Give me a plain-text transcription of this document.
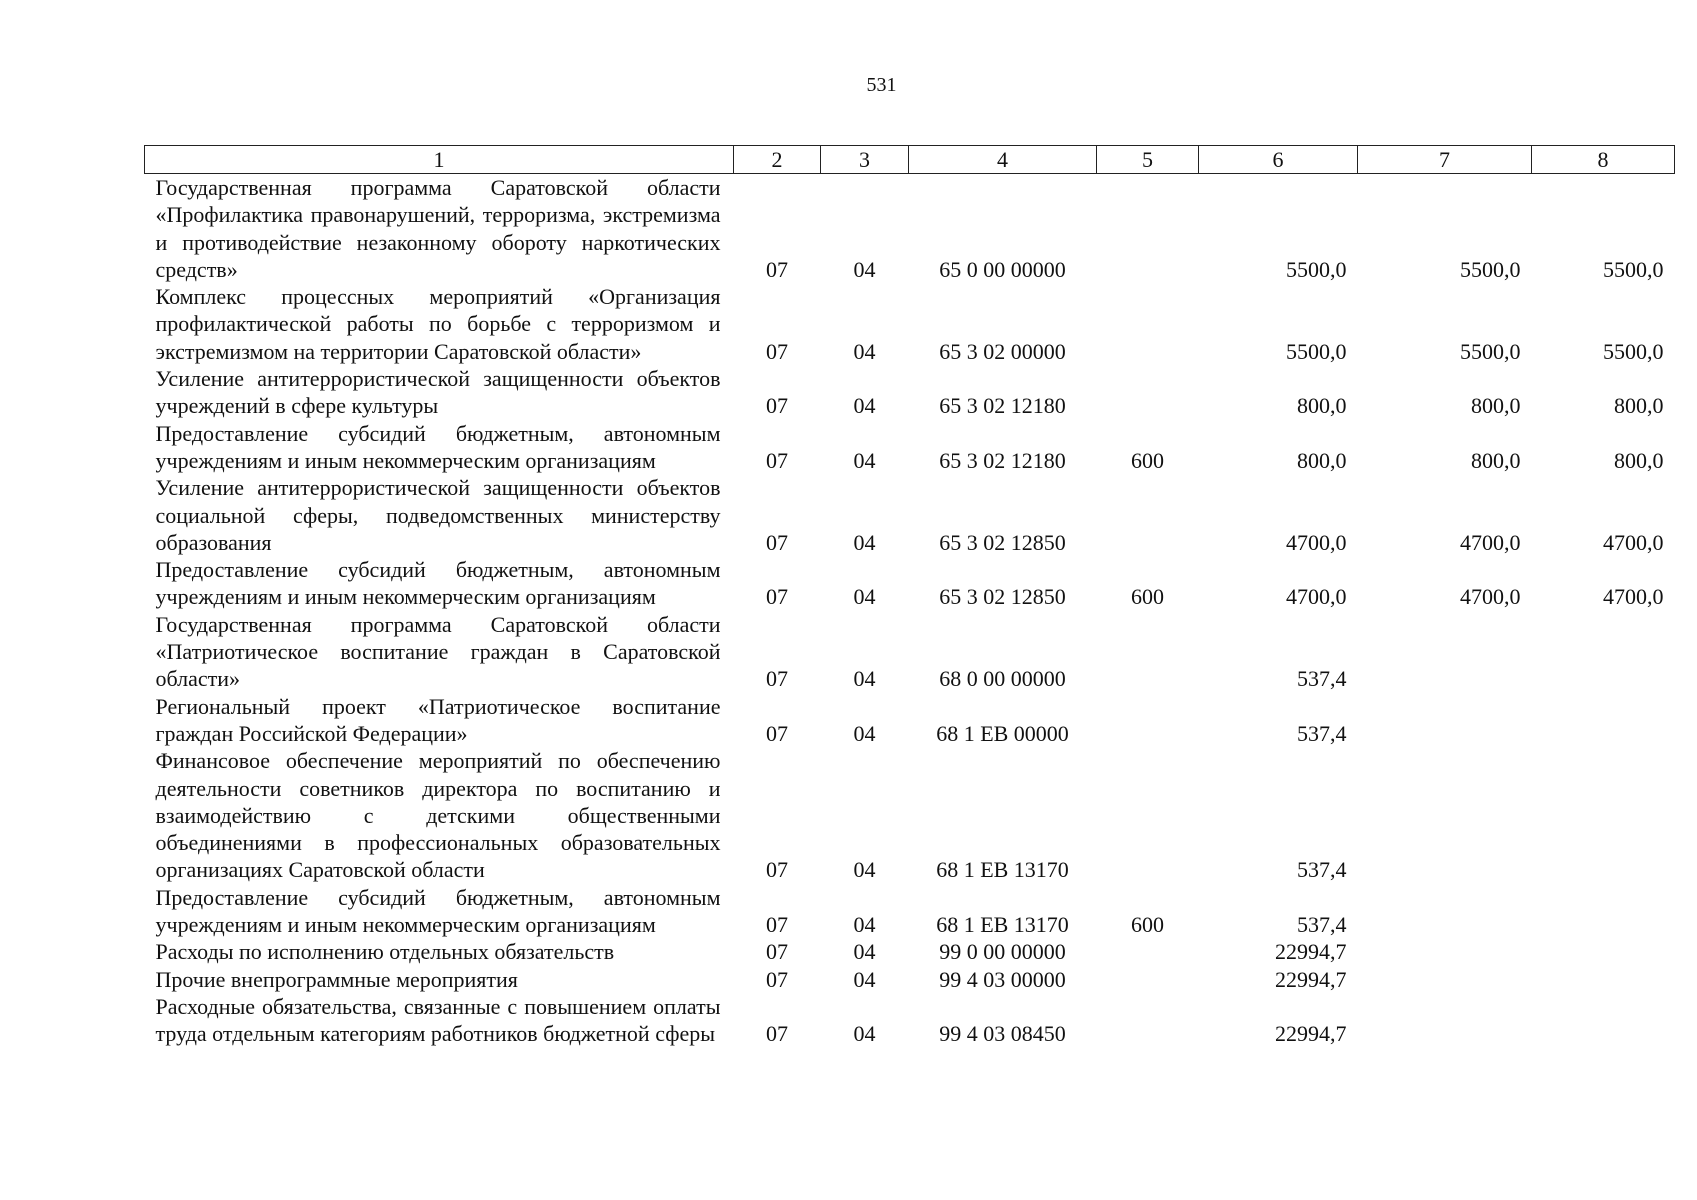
531
1	2	3	4	5	6	7	8
Государственная программа Саратовской области «Профилактика правонарушений, терроризма, экстремизма и противодействие незаконному обороту наркотических средств»	07	04	65 0 00 00000		5500,0	5500,0	5500,0
Комплекс процессных мероприятий «Организация профилактической работы по борьбе с терроризмом и экстремизмом на территории Саратовской области»	07	04	65 3 02 00000		5500,0	5500,0	5500,0
Усиление антитеррористической защищенности объектов учреждений в сфере культуры	07	04	65 3 02 12180		800,0	800,0	800,0
Предоставление субсидий бюджетным, автономным учреждениям и иным некоммерческим организациям	07	04	65 3 02 12180	600	800,0	800,0	800,0
Усиление антитеррористической защищенности объектов социальной сферы, подведомственных министерству образования	07	04	65 3 02 12850		4700,0	4700,0	4700,0
Предоставление субсидий бюджетным, автономным учреждениям и иным некоммерческим организациям	07	04	65 3 02 12850	600	4700,0	4700,0	4700,0
Государственная программа Саратовской области «Патриотическое воспитание граждан в Саратовской области»	07	04	68 0 00 00000		537,4		
Региональный проект «Патриотическое воспитание граждан Российской Федерации»	07	04	68 1 ЕВ 00000		537,4		
Финансовое обеспечение мероприятий по обеспечению деятельности советников директора по воспитанию и взаимодействию с детскими общественными объединениями в профессиональных образовательных организациях Саратовской области	07	04	68 1 ЕВ 13170		537,4		
Предоставление субсидий бюджетным, автономным учреждениям и иным некоммерческим организациям	07	04	68 1 ЕВ 13170	600	537,4		
Расходы по исполнению отдельных обязательств	07	04	99 0 00 00000		22994,7		
Прочие внепрограммные мероприятия	07	04	99 4 03 00000		22994,7		
Расходные обязательства, связанные с повышением оплаты труда отдельным категориям работников бюджетной сферы	07	04	99 4 03 08450		22994,7		
